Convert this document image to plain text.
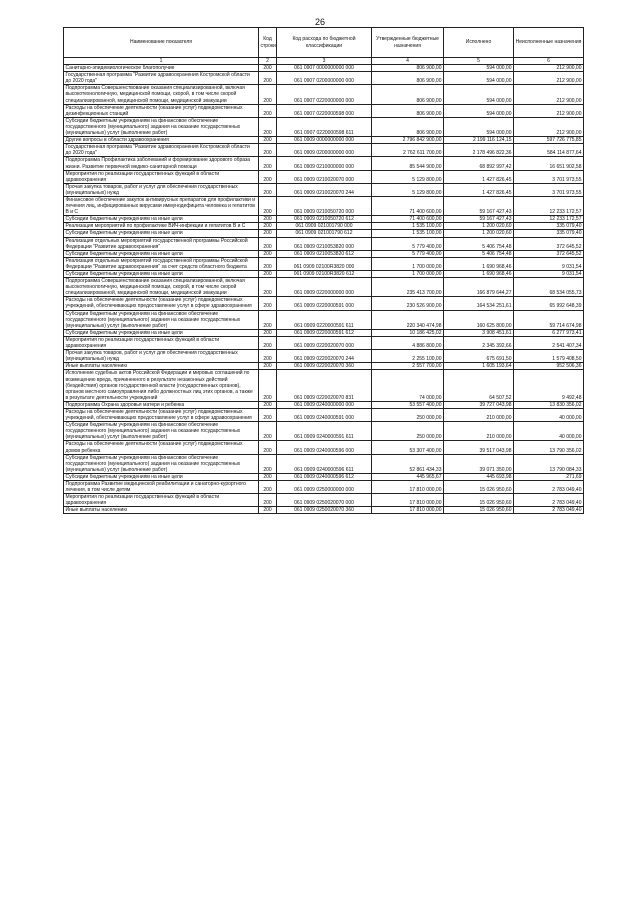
26
Наименование показателя	Код строки	Код расхода по бюджетной классификации	Утвержденные бюджетные назначения	Исполнено	Неисполненные назначения
1	2	3	4	5	6
Санитарно-эпидемиологическое благополучие	200	061 0907 0000000000 000	806 900,00	594 000,00	212 900,00
Государственная программа "Развитие здравоохранения Костромской области до 2020 года"	200	061 0907 0200000000 000	806 900,00	594 000,00	212 900,00
Подпрограмма Совершенствование оказания специализированной, включая высокотехнологичную, медицинской помощи, скорой, в том числе скорой специализированной, медицинской помощи, медицинской эвакуации	200	061 0907 0220000000 000	806 900,00	594 000,00	212 900,00
Расходы на обеспечение деятельности (оказание услуг) подведомственных дезинфекционных станций	200	061 0907 0220000598 000	806 900,00	594 000,00	212 900,00
Субсидии бюджетным учреждениям на финансовое обеспечение государственного (муниципального) задания на оказание государственных (муниципальных) услуг (выполнение работ)	200	061 0907 0220000598 611	806 900,00	594 000,00	212 900,00
Другие вопросы в области здравоохранения	200	061 0909 0000000000 000	2 796 842 900,00	2 199 116 124,15	597 726 775,85
Государственная программа "Развитие здравоохранения Костромской области до 2020 года"	200	061 0909 0200000000 000	2 762 611 700,00	2 178 496 822,36	584 114 877,64
Подпрограмма Профилактика заболеваний и формирование здорового образа жизни. Развитие первичной медико-санитарной помощи	200	061 0909 0210000000 000	85 544 900,00	68 892 997,42	16 651 902,58
Мероприятия по реализации государственных функций в области здравоохранения	200	061 0909 0210020070 000	5 129 800,00	1 427 826,45	3 701 973,55
Прочая закупка товаров, работ и услуг для обеспечения государственных (муниципальных) нужд	200	061 0909 0210020070 244	5 129 800,00	1 427 826,45	3 701 973,55
Финансовое обеспечение закупок антивирусных препаратов для профилактики и лечения лиц, инфицированных вирусами иммунодефицита человека и гепатитов В и С	200	061 0909 0210050720 000	71 400 600,00	59 167 427,43	12 233 172,57
Субсидии бюджетным учреждениям на иные цели	200	061 0909 0210050720 612	71 400 600,00	59 167 427,43	12 233 172,57
Реализация мероприятий по профилактике ВИЧ-инфекции и гепатитов В и С	200	061 0909 021001790 000	1 535 100,00	1 200 020,60	335 079,40
Субсидии бюджетным учреждениям на иные цели	200	061 0909 021001790 612	1 535 100,00	1 200 020,60	335 079,40
Реализация отдельных мероприятий государственной программы Российской Федерации "Развитие здравоохранения"	200	061 0909 0210053820 000	5 779 400,00	5 406 754,48	372 645,52
Субсидии бюджетным учреждениям на иные цели	200	061 0909 0210053820 612	5 779 400,00	5 406 754,48	372 645,52
Реализация отдельных мероприятий государственной программы Российской Федерации "Развитие здравоохранения" за счет средств областного бюджета	200	061 0909 02100R3820 000	1 700 000,00	1 690 968,46	9 031,54
Субсидии бюджетным учреждениям на иные цели	200	061 0909 02100R3820 612	1 700 000,00	1 690 968,46	9 031,54
Подпрограмма Совершенствование оказания специализированной, включая высокотехнологичную, медицинской помощи, скорой, в том числе скорой специализированной, медицинской помощи, медицинской эвакуации	200	061 0909 0220000000 000	235 413 700,00	166 879 644,27	68 534 055,73
Расходы на обеспечение деятельности (оказание услуг) подведомственных учреждений, обеспечивающих предоставление услуг в сфере здравоохранения	200	061 0909 0220000591 000	230 526 900,00	164 534 251,61	65 992 648,39
Субсидии бюджетным учреждениям на финансовое обеспечение государственного (муниципального) задания на оказание государственных (муниципальных) услуг (выполнение работ)	200	061 0909 0220000591 611	220 340 474,98	160 625 800,00	59 714 674,98
Субсидии бюджетным учреждениям на иные цели	200	061 0909 0220000591 612	10 186 425,02	3 908 451,61	6 277 973,41
Мероприятия по реализации государственных функций в области здравоохранения	200	061 0909 0220020070 000	4 886 800,00	2 345 392,66	2 541 407,34
Прочая закупка товаров, работ и услуг для обеспечения государственных (муниципальных) нужд	200	061 0909 0220020070 244	2 255 100,00	675 691,50	1 579 408,50
Иные выплаты населению	200	061 0909 0220020070 360	2 557 700,00	1 605 193,64	952 506,36
Исполнение судебных актов Российской Федерации и мировых соглашений по возмещению вреда, причиненного в результате незаконных действий (бездействия) органов государственной власти (государственных органов), органов местного самоуправления либо должностных лиц этих органов, а также в результате деятельности учреждений	200	061 0909 0220020070 831	74 000,00	64 507,52	9 492,48
Подпрограмма Охрана здоровья матери и ребенка	200	061 0909 0240000000 000	53 557 400,00	39 727 043,98	13 830 356,02
Расходы на обеспечение деятельности (оказание услуг) подведомственных учреждений, обеспечивающих предоставление услуг в сфере здравоохранения	200	061 0909 0240000591 000	250 000,00	210 000,00	40 000,00
Субсидии бюджетным учреждениям на финансовое обеспечение государственного (муниципального) задания на оказание государственных (муниципальных) услуг (выполнение работ)	200	061 0909 0240000591 611	250 000,00	210 000,00	40 000,00
Расходы на обеспечение деятельности (оказание услуг) подведомственных домов ребенка	200	061 0909 0240000596 000	53 307 400,00	39 517 043,98	13 790 356,02
Субсидии бюджетным учреждениям на финансовое обеспечение государственного (муниципального) задания на оказание государственных (муниципальных) услуг (выполнение работ)	200	061 0909 0240000596 611	52 861 434,33	39 071 350,00	13 790 084,33
Субсидии бюджетным учреждениям на иные цели	200	061 0909 0240000596 612	445 965,67	445 693,98	271,69
Подпрограмма Развитие медицинской реабилитации и санаторно-курортного лечения, в том числе детям	200	061 0909 0250000000 000	17 810 000,00	15 026 950,60	2 783 049,40
Мероприятия по реализации государственных функций в области здравоохранения	200	061 0909 0250020070 000	17 810 000,00	15 026 950,60	2 783 049,40
Иные выплаты населению	200	061 0909 0250020070 360	17 810 000,00	15 026 950,60	2 783 049,40
